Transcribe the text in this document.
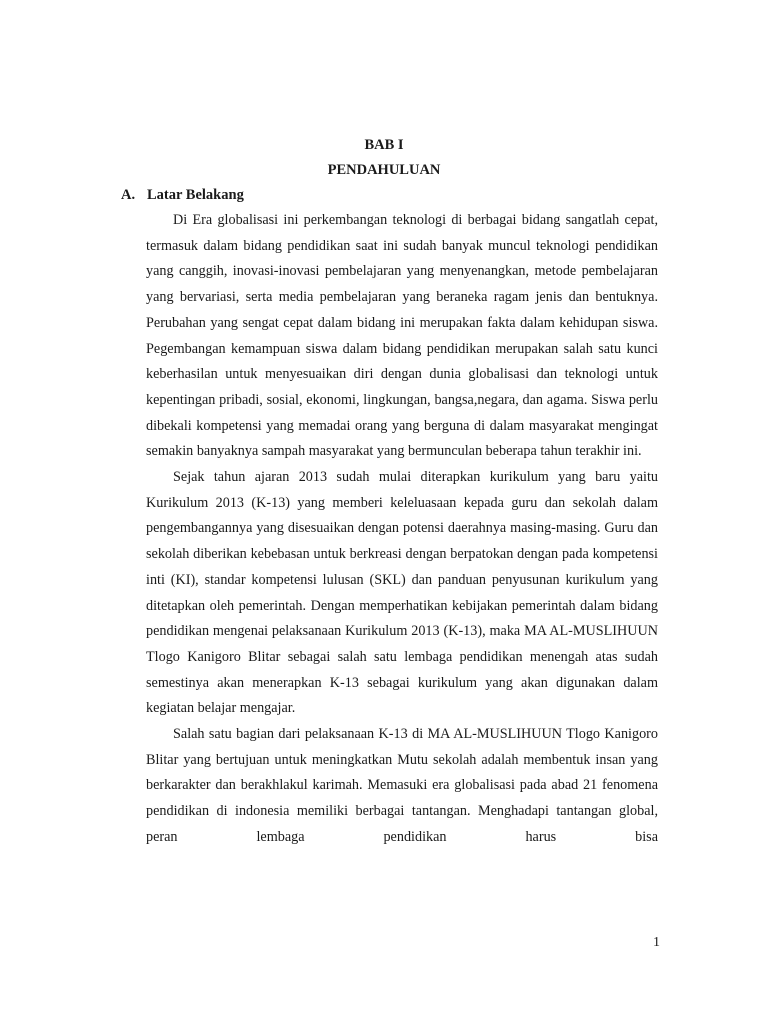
BAB I
PENDAHULUAN
A. Latar Belakang

Di Era globalisasi ini perkembangan teknologi di berbagai bidang sangatlah cepat, termasuk dalam bidang pendidikan saat ini sudah banyak muncul teknologi pendidikan yang canggih, inovasi-inovasi pembelajaran yang menyenangkan, metode pembelajaran yang bervariasi, serta media pembelajaran yang beraneka ragam jenis dan bentuknya. Perubahan yang sengat cepat dalam bidang ini merupakan fakta dalam kehidupan siswa. Pegembangan kemampuan siswa dalam bidang pendidikan merupakan salah satu kunci keberhasilan untuk menyesuaikan diri dengan dunia globalisasi dan teknologi untuk kepentingan pribadi, sosial, ekonomi, lingkungan, bangsa,negara, dan agama. Siswa perlu dibekali kompetensi yang memadai orang yang berguna di dalam masyarakat mengingat semakin banyaknya sampah masyarakat yang bermunculan beberapa tahun terakhir ini.

Sejak tahun ajaran 2013 sudah mulai diterapkan kurikulum yang baru yaitu Kurikulum 2013 (K-13) yang memberi keleluasaan kepada guru dan sekolah dalam pengembangannya yang disesuaikan dengan potensi daerahnya masing-masing. Guru dan sekolah diberikan kebebasan untuk berkreasi dengan berpatokan dengan pada kompetensi inti (KI), standar kompetensi lulusan (SKL) dan panduan penyusunan kurikulum yang ditetapkan oleh pemerintah. Dengan memperhatikan kebijakan pemerintah dalam bidang pendidikan mengenai pelaksanaan Kurikulum 2013 (K-13), maka MA AL-MUSLIHUUN Tlogo Kanigoro Blitar sebagai salah satu lembaga pendidikan menengah atas sudah semestinya akan menerapkan K-13 sebagai kurikulum yang akan digunakan dalam kegiatan belajar mengajar.

Salah satu bagian dari pelaksanaan K-13 di MA AL-MUSLIHUUN Tlogo Kanigoro Blitar yang bertujuan untuk meningkatkan Mutu sekolah adalah membentuk insan yang berkarakter dan berakhlakul karimah. Memasuki era globalisasi pada abad 21 fenomena pendidikan di indonesia memiliki berbagai tantangan. Menghadapi tantangan global, peran lembaga pendidikan harus bisa

1
